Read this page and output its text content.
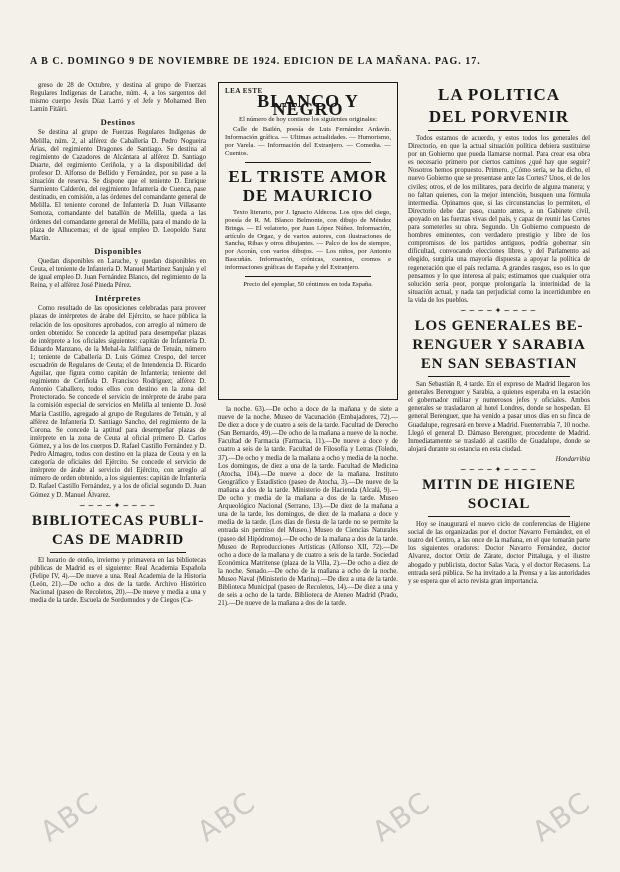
A B C. DOMINGO 9 DE NOVIEMBRE DE 1924. EDICION DE LA MAÑANA. PAG. 17.

greso de 28 de Octubre, y destina al grupo de Fuerzas Regulares Indígenas de Larache, núm. 4, a los sargentos del mismo cuerpo Jesús Díaz Larró y el Jefe y Mohamed Ben Lamín Fitáiri.

Destinos

Se destina al grupo de Fuerzas Regulares Indígenas de Melilla, núm. 2, al alférez de Caballería D. Pedro Nogueira Árias, del regimiento Dragones de Santiago. Se destina al regimiento de Cazadores de Alcántara al alférez D. Santiago Duarte, del regimiento Ceriñola, y a la disponibilidad del profesor D. Alfonso de Bellido y Fernández, por su pase a la situación de reserva. Se dispone que el teniente D. Enrique Sarmiento Calderón, del regimiento Infantería de Cuenca, pase destinado, en comisión, a las órdenes del comandante general de Melilla. El teniente coronel de Infantería D. Juan Villasante Somoza, comandante del batallón de Melilla, queda a las órdenes del comandante general de Melilla, para el mando de la plaza de Alhucemas; el de igual empleo D. Leopoldo Sanz Martín.

Disponibles

Quedan disponibles en Larache, y quedan disponibles en Ceuta, el teniente de Infantería D. Manuel Martínez Sanjuán y el de igual empleo D. Juan Fernández Blanco, del regimiento de la Reina, y el alférez José Pineda Pérez.

Intérpretes

Como resultado de las oposiciones celebradas para proveer plazas de intérpretes de árabe del Ejército, se hace pública la relación de los opositores aprobados, con arreglo al número de orden obtenido: Se concede la aptitud para desempeñar plazas de intérprete a los oficiales siguientes: capitán de Infantería D. Eduardo Manzano, de la Mehal-la Jalifiana de Tetuán, número 1; teniente de Caballería D. Luis Gómez Crespo, del tercer escuadrón de Regulares de Ceuta; el de Intendencia D. Ricardo Aguilar, que figura como capitán de Infantería; teniente del regimiento de Ceriñola D. Francisco Rodríguez; alférez D. Antonio Caballero, todos ellos con destino en la zona del Protectorado. Se concede el servicio de intérprete de árabe para la comisión especial de servicios en Melilla al teniente D. José María Castillo, agregado al grupo de Regulares de Tetuán, y al alférez de Infantería D. Santiago Sancho, del regimiento de la Corona. Se concede la aptitud para desempeñar plazas de intérprete en la zona de Ceuta al oficial primero D. Carlos Gómez, y a los de los cuerpos D. Rafael Castillo Fernández y D. Pedro Almagro, todos con destino en la plaza de Ceuta y en la categoría de oficiales del Ejército. Se concede el servicio de intérprete de árabe al servicio del Ejército, con arreglo al número de orden obtenido, a los siguientes: capitán de Infantería D. Rafael Castillo Fernández, y a los de oficial segundo D. Juan Gómez y D. Manuel Álvarez.

∽∽∽∽✦∽∽∽∽
BIBLIOTECAS PUBLI-
CAS DE MADRID

El horario de otoño, invierno y primavera en las bibliotecas públicas de Madrid es el siguiente: Real Academia Española (Felipe IV, 4).—De nueve a una. Real Academia de la Historia (León, 21).—De ocho a dos de la tarde. Archivo Histórico Nacional (paseo de Recoletos, 20).—De nueve y media a una y media de la tarde. Escuela de Sordomudos y de Ciegos (Ca-

LEA ESTE
BLANCO Y NEGRO

El número de hoy contiene los siguientes originales:

Calle de Bailén, poesía de Luis Fernández Ardavín. Información gráfica. — Ultimas actualidades. — Humorismo, por Varela. — Información del Extranjero. — Comedia. — Cuentos.

EL TRISTE AMOR DE MAURICIO

Texto literario, por J. Ignacio Aldecoa. Los ojos del ciego, poesía de R. M. Blanco Belmonte, con dibujo de Méndez Bringa. — El velatorio, por Juan López Núñez. Información, artículo de Orgaz, y de varios autores, con ilustraciones de Sancha, Ribas y otros dibujantes. — Palco de los de siempre, por Acorán, con varios dibujos. — Los niños, por Antonio Bascuñán. Información, crónicas, cuentos, cromos e informaciones gráficas de España y del Extranjero.

Precio del ejemplar, 50 céntimos en toda España.

la noche. 63).—De ocho a doce de la mañana y de siete a nueve de la noche. Museo de Vacunación (Embajadores, 72).—De diez a doce y de cuatro a seis de la tarde. Facultad de Derecho (San Bernardo, 49).—De ocho de la mañana a nueve de la noche. Facultad de Farmacia (Farmacia, 11).—De nueve a doce y de cuatro a seis de la tarde. Facultad de Filosofía y Letras (Toledo, 37).—De ocho y media de la mañana a ocho y media de la noche. Los domingos, de diez a una de la tarde. Facultad de Medicina (Atocha, 104).—De nueve a doce de la mañana. Instituto Geográfico y Estadístico (paseo de Atocha, 3).—De nueve de la mañana a dos de la tarde. Ministerio de Hacienda (Alcalá, 9).—De ocho y media de la mañana a dos de la tarde. Museo Arqueológico Nacional (Serrano, 13).—De diez de la mañana a una de la tarde, los domingos, de diez de la mañana a doce y media de la tarde. (Los días de fiesta de la tarde no se permite la entrada sin permiso del Museo.) Museo de Ciencias Naturales (paseo del Hipódromo).—De ocho de la mañana a dos de la tarde. Museo de Reproducciones Artísticas (Alfonso XII, 72).—De ocho a doce de la mañana y de cuatro a seis de la tarde. Sociedad Económica Matritense (plaza de la Villa, 2).—De ocho a diez de la noche. Senado.—De ocho de la mañana a ocho de la noche. Museo Naval (Ministerio de Marina).—De diez a una de la tarde. Biblioteca Municipal (paseo de Recoletos, 14).—De diez a una y de seis a ocho de la tarde. Biblioteca de Ateneo Madrid (Prado, 21).—De nueve de la mañana a dos de la tarde.

LA POLITICA
DEL PORVENIR

Todos estamos de acuerdo, y estos todos los generales del Directorio, en que la actual situación política debiera sustituirse por un Gobierno que pueda llamarse normal. Para crear esa obra es necesario primero por ciertos caminos ¿qué hay que seguir? Nosotros hemos propuesto. Primero. ¿Cómo sería, se ha dicho, el nuevo Gobierno que se presentase ante las Cortes? Unos, el de los civiles; otros, el de los militares, para decirlo de alguna manera; y no faltan quienes, con la mejor intención, busquen una fórmula intermedia. Opinamos que, si las circunstancias lo permiten, el Directorio debe dar paso, cuanto antes, a un Gabinete civil, apoyado en las fuerzas vivas del país, y capaz de reunir las Cortes para someterles su obra. Segundo. Un Gobierno compuesto de hombres eminentes, con verdadero prestigio y libre de los compromisos de los partidos antiguos, podría gobernar sin dificultad, convocando elecciones libres, y del Parlamento así elegido, surgiría una mayoría dispuesta a apoyar la política de regeneración que el país reclama. A grandes rasgos, eso es lo que pensamos y lo que interesa al país; estimamos que cualquier otra solución sería peor, porque prolongaría la interinidad de la situación actual, y nada tan perjudicial como la incertidumbre en la vida de los pueblos.

∽∽∽∽✦∽∽∽∽
LOS GENERALES BE-
RENGUER Y SARABIA
EN SAN SEBASTIAN

San Sebastián 8, 4 tarde. En el expreso de Madrid llegaron los generales Berenguer y Sarabia, a quienes esperaba en la estación el gobernador militar y numerosos jefes y oficiales. Ambos generales se trasladaron al hotel Londres, donde se hospedan. El general Berenguer, que ha venido a pasar unos días en su finca de Guadalupe, regresará en breve a Madrid. Fuenterrabía 7, 10 noche. Llegó el general D. Dámaso Berenguer, procedente de Madrid. Inmediatamente se trasladó al castillo de Guadalupe, donde se alojará durante su estancia en esta ciudad.

Hondarribia

∽∽∽∽✦∽∽∽∽
MITIN DE HIGIENE
SOCIAL

Hoy se inaugurará el nuevo ciclo de conferencias de Higiene social de las organizadas por el doctor Navarro Fernández, en el teatro del Centro, a las once de la mañana, en el que tomarán parte los siguientes oradores: Doctor Navarro Fernández, doctor Alvarez, doctor Ortiz de Zárate, doctor Pittaluga, y el ilustre abogado y publicista, doctor Salas Vaca, y el doctor Recasens. La entrada será pública. Se ha invitado a la Prensa y a las autoridades y se espera que el acto revista gran importancia.

ABC	ABC	ABC	ABC
